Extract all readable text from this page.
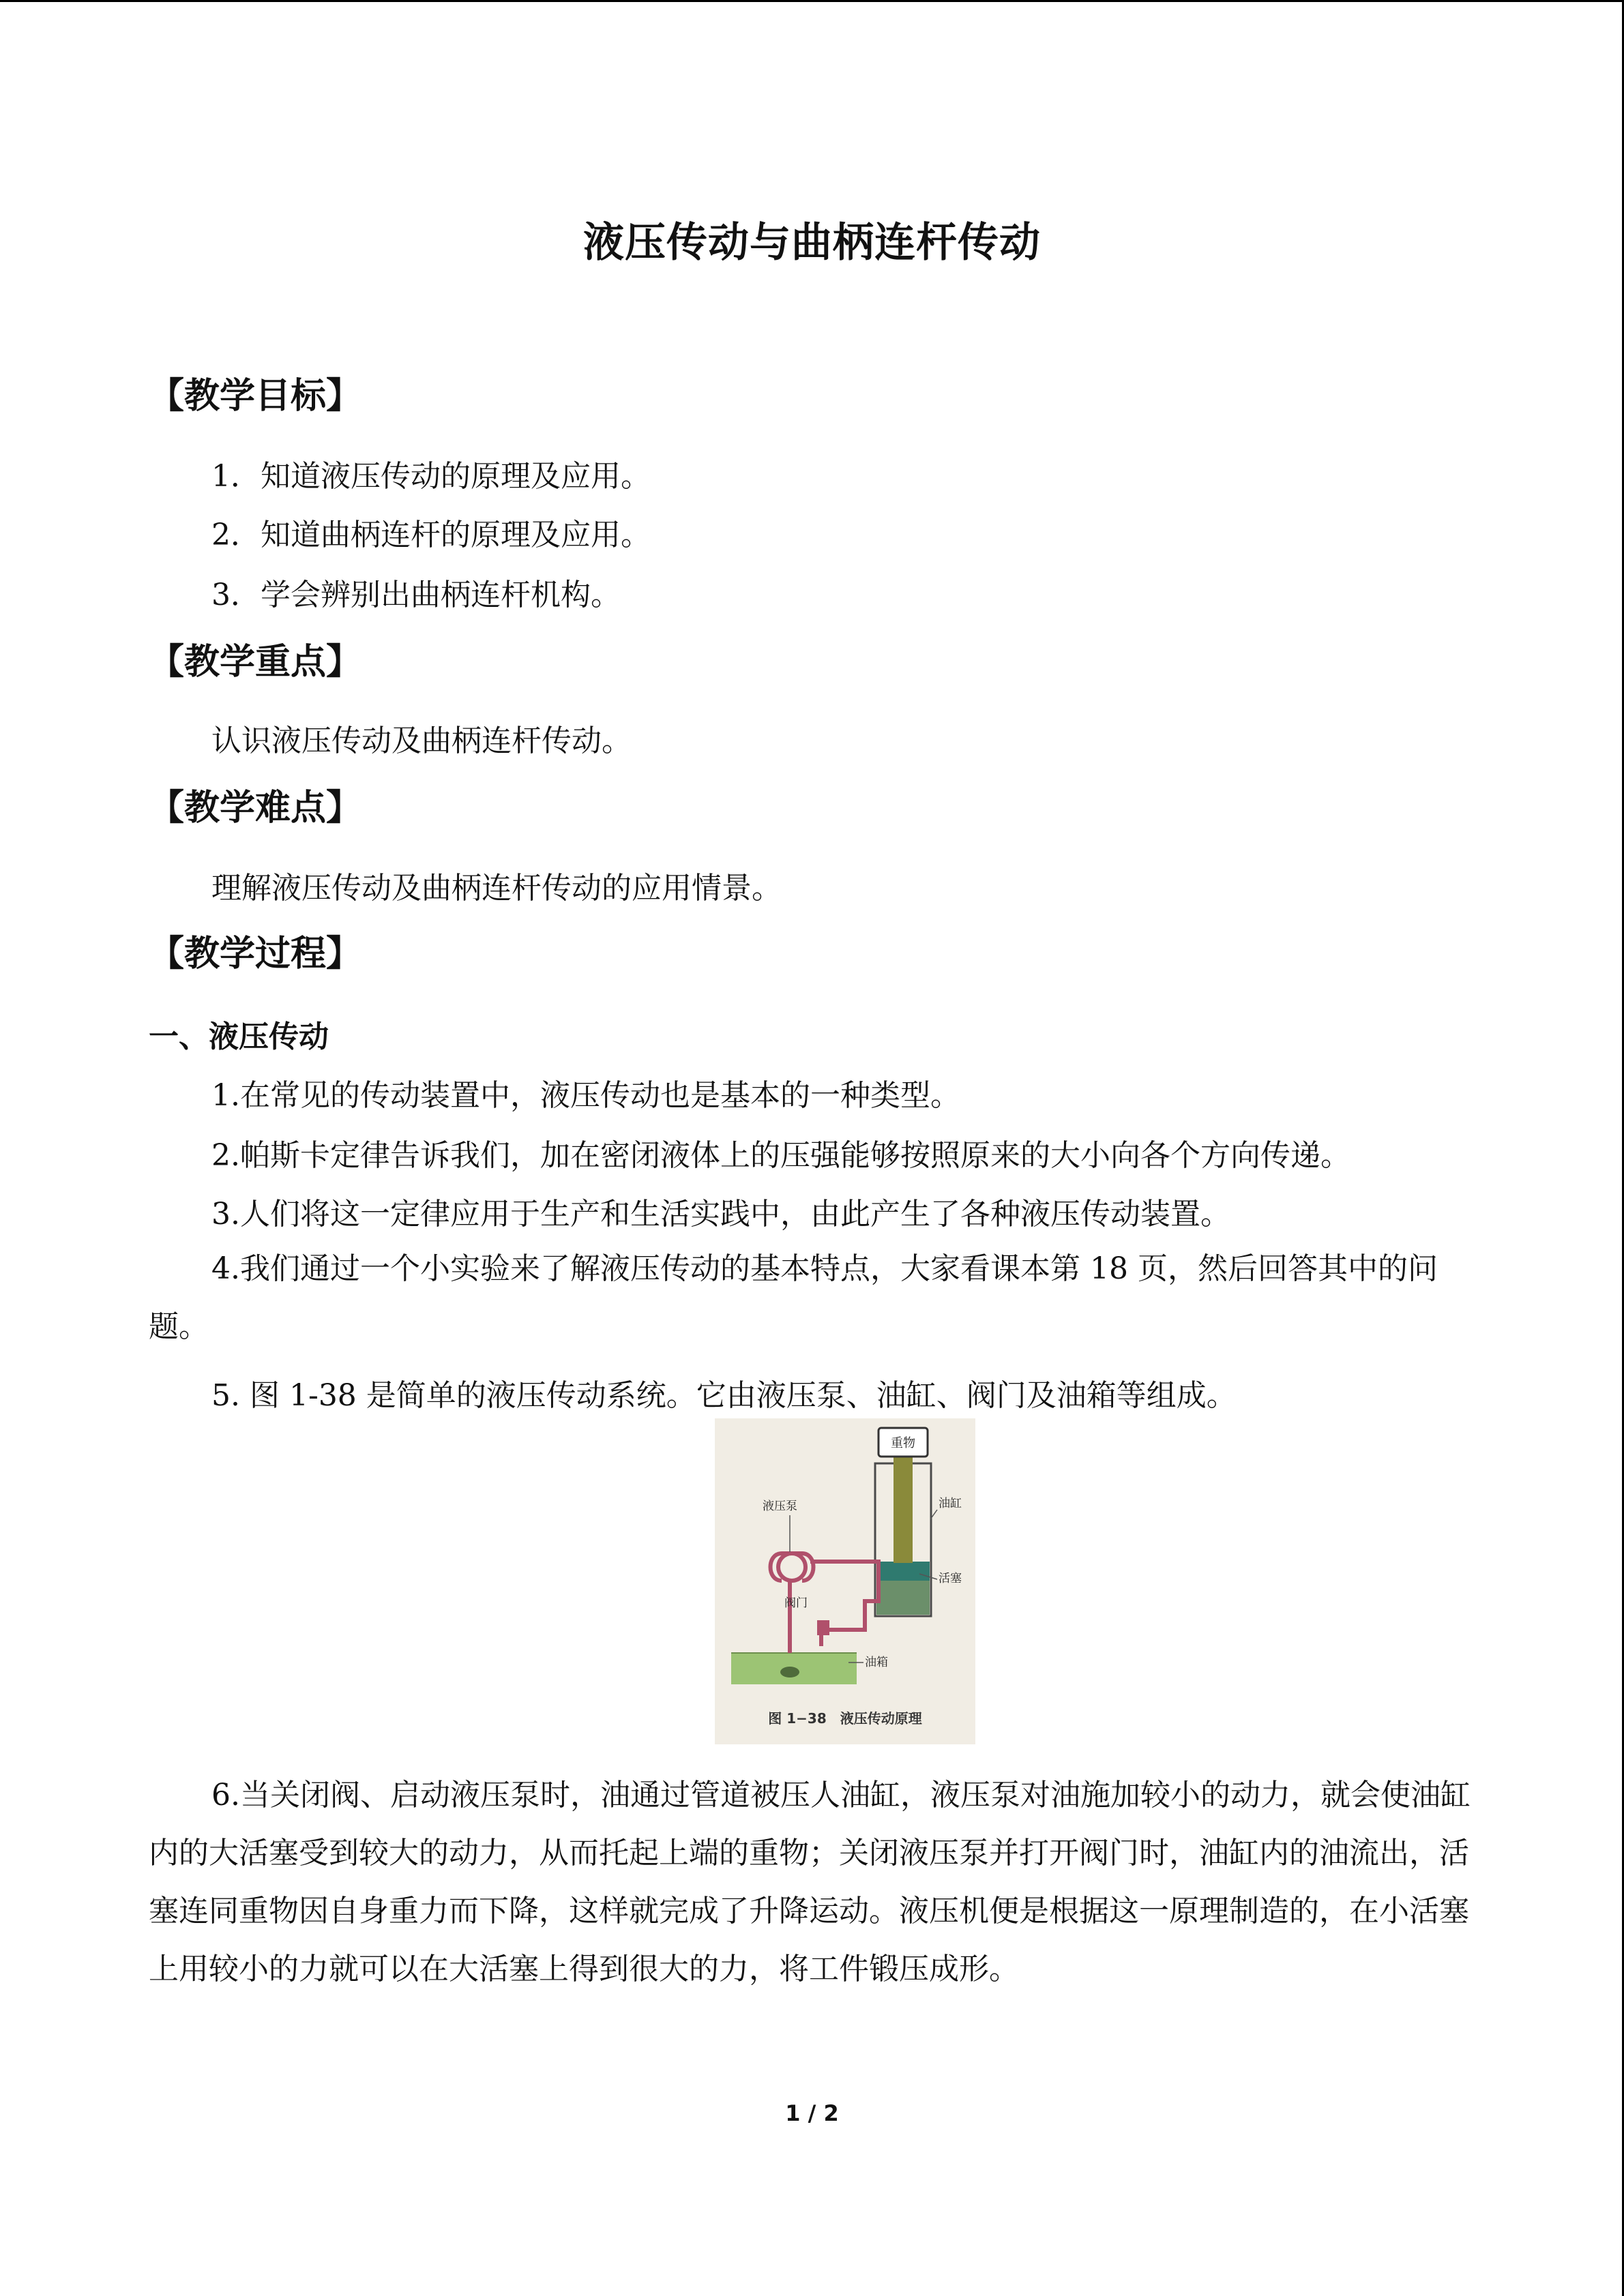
液压传动与曲柄连杆传动
【教学目标】
1．知道液压传动的原理及应用。
2．知道曲柄连杆的原理及应用。
3．学会辨别出曲柄连杆机构。
【教学重点】
认识液压传动及曲柄连杆传动。
【教学难点】
理解液压传动及曲柄连杆传动的应用情景。
【教学过程】
一、液压传动
1.在常见的传动装置中，液压传动也是基本的一种类型。
2.帕斯卡定律告诉我们，加在密闭液体上的压强能够按照原来的大小向各个方向传递。
3.人们将这一定律应用于生产和生活实践中，由此产生了各种液压传动装置。
4.我们通过一个小实验来了解液压传动的基本特点，大家看课本第 18 页，然后回答其中的问题。
5. 图 1-38 是简单的液压传动系统。它由液压泵、油缸、阀门及油箱等组成。
重物
液压泵	油缸
活塞
阀门
油箱
图 1−38　液压传动原理
6.当关闭阀、启动液压泵时，油通过管道被压人油缸，液压泵对油施加较小的动力，就会使油缸内的大活塞受到较大的动力，从而托起上端的重物；关闭液压泵并打开阀门时，油缸内的油流出，活塞连同重物因自身重力而下降，这样就完成了升降运动。液压机便是根据这一原理制造的，在小活塞上用较小的力就可以在大活塞上得到很大的力，将工件锻压成形。
1 / 2
